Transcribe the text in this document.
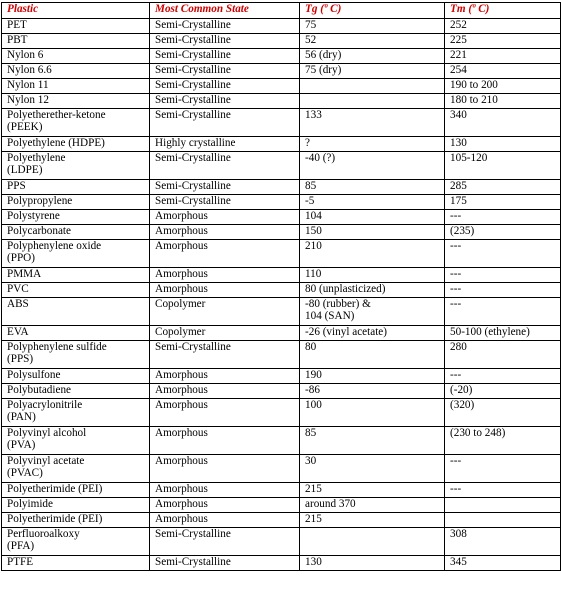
Plastic	Most Common State	Tg (º C)	Tm (º C)

PET	Semi-Crystalline	75	252

PBT	Semi-Crystalline	52	225

Nylon 6	Semi-Crystalline	56 (dry)	221

Nylon 6.6	Semi-Crystalline	75 (dry)	254

Nylon 11	Semi-Crystalline		190 to 200

Nylon 12	Semi-Crystalline		180 to 210

Polyetherether-ketone
(PEEK)	Semi-Crystalline	133	340

Polyethylene (HDPE)	Highly crystalline	?	130

Polyethylene
(LDPE)	Semi-Crystalline	-40 (?)	105-120

PPS	Semi-Crystalline	85	285

Polypropylene	Semi-Crystalline	-5	175

Polystyrene	Amorphous	104	---

Polycarbonate	Amorphous	150	(235)

Polyphenylene oxide
(PPO)	Amorphous	210	---

PMMA	Amorphous	110	---

PVC	Amorphous	80 (unplasticized)	---

ABS	Copolymer	-80 (rubber) &
104 (SAN)	---

EVA	Copolymer	-26 (vinyl acetate)	50-100 (ethylene)

Polyphenylene sulfide
(PPS)	Semi-Crystalline	80	280

Polysulfone	Amorphous	190	---

Polybutadiene	Amorphous	-86	(-20)

Polyacrylonitrile
(PAN)	Amorphous	100	(320)

Polyvinyl alcohol
(PVA)	Amorphous	85	(230 to 248)

Polyvinyl acetate
(PVAC)	Amorphous	30	---

Polyetherimide (PEI)	Amorphous	215	---

Polyimide	Amorphous	around 370	

Polyetherimide (PEI)	Amorphous	215	

Perfluoroalkoxy
(PFA)	Semi-Crystalline		308

PTFE	Semi-Crystalline	130	345
